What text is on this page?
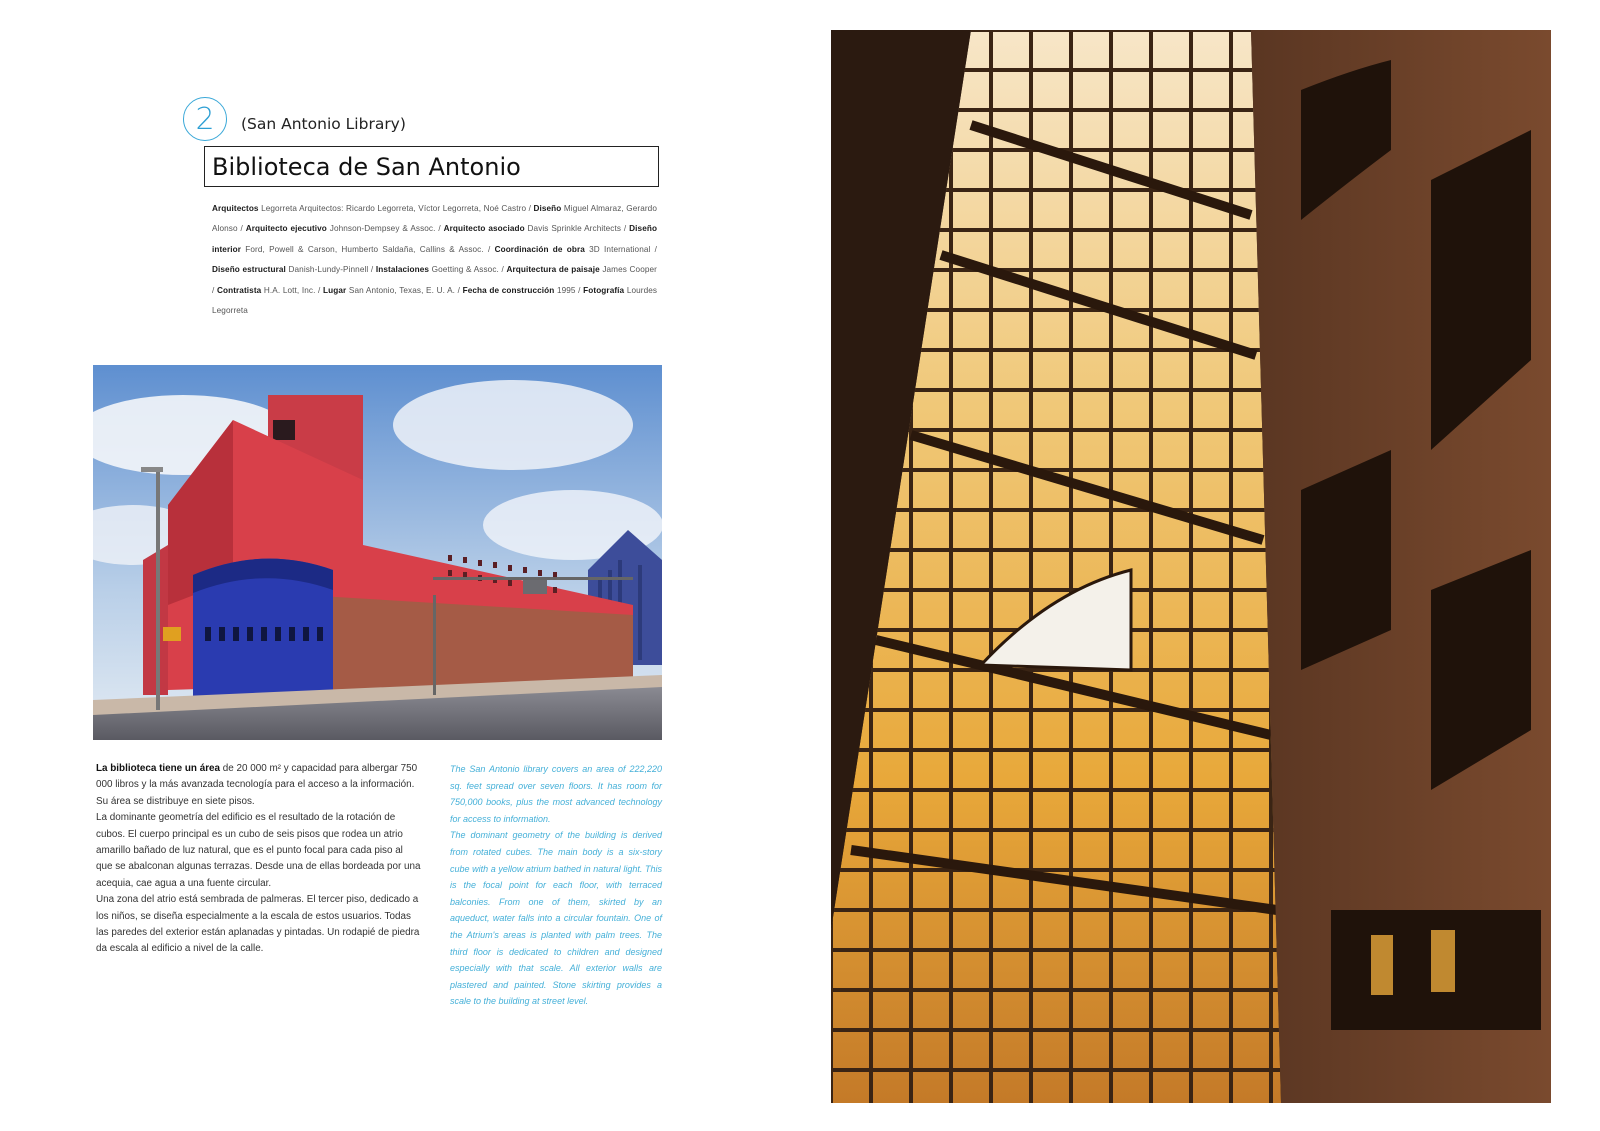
2	(San Antonio Library)
Biblioteca de San Antonio
Arquitectos Legorreta Arquitectos: Ricardo Legorreta, Víctor Legorreta, Noé Castro / Diseño Miguel Almaraz, Gerardo Alonso / Arquitecto ejecutivo Johnson-Dempsey & Assoc. / Arquitecto asociado Davis Sprinkle Architects / Diseño interior Ford, Powell & Carson, Humberto Saldaña, Callins & Assoc. / Coordinación de obra 3D International / Diseño estructural Danish-Lundy-Pinnell / Instalaciones Goetting & Assoc. / Arquitectura de paisaje James Cooper / Contratista H.A. Lott, Inc. / Lugar San Antonio, Texas, E. U. A. / Fecha de construcción 1995 / Fotografía Lourdes Legorreta

La biblioteca tiene un área de 20 000 m² y capacidad para albergar 750 000 libros y la más avanzada tecnología para el acceso a la información. Su área se distribuye en siete pisos.

La dominante geometría del edificio es el resultado de la rotación de cubos. El cuerpo principal es un cubo de seis pisos que rodea un atrio amarillo bañado de luz natural, que es el punto focal para cada piso al que se abalconan algunas terrazas. Desde una de ellas bordeada por una acequia, cae agua a una fuente circular.

Una zona del atrio está sembrada de palmeras. El tercer piso, dedicado a los niños, se diseña especialmente a la escala de estos usuarios. Todas las paredes del exterior están aplanadas y pintadas. Un rodapié de piedra da escala al edificio a nivel de la calle.

The San Antonio library covers an area of 222,220 sq. feet spread over seven floors. It has room for 750,000 books, plus the most advanced technology for access to information.

The dominant geometry of the building is derived from rotated cubes. The main body is a six-story cube with a yellow atrium bathed in natural light. This is the focal point for each floor, with terraced balconies. From one of them, skirted by an aqueduct, water falls into a circular fountain. One of the Atrium's areas is planted with palm trees. The third floor is dedicated to children and designed especially with that scale. All exterior walls are plastered and painted. Stone skirting provides a scale to the building at street level.
